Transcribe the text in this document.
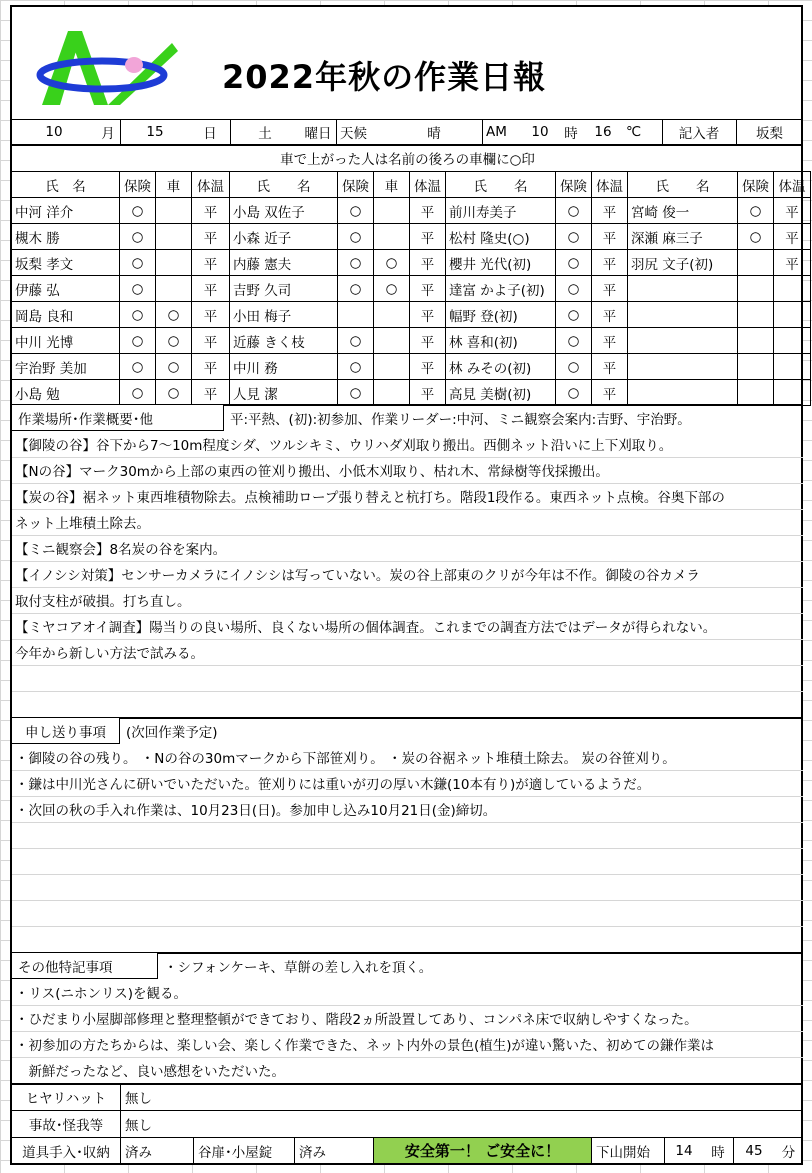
2022年秋の作業日報
10	月	15	日	土	曜日 天候	晴	AM	10	時	16	℃	記入者	坂梨
車で上がった人は名前の後ろの車欄に○印
氏　名	保険	車	体温	氏　　名	保険	車	体温	氏　　名	保険	体温	氏　　名	保険	体温
中河 洋介	○		平	小島 双佐子	○		平	前川寿美子	○	平	宮崎 俊一	○	平
槻木 勝	○		平	小森 近子	○		平	松村 隆史(○)	○	平	深瀬 麻三子	○	平
坂梨 孝文	○		平	内藤 憲夫	○	○	平	櫻井 光代(初)	○	平	羽尻 文子(初)		平
伊藤 弘	○		平	吉野 久司	○	○	平	達富 かよ子(初)	○	平			
岡島 良和	○	○	平	小田 梅子			平	幅野 登(初)	○	平			
中川 光博	○	○	平	近藤 きく枝	○		平	林 喜和(初)	○	平			
宇治野 美加	○	○	平	中川 務	○		平	林 みその(初)	○	平			
小島 勉	○	○	平	人見 潔	○		平	高見 美樹(初)	○	平			
作業場所･作業概要･他	平:平熱、(初):初参加、作業リーダー:中河、ミニ観察会案内:吉野、宇治野。
【御陵の谷】谷下から7～10m程度シダ、ツルシキミ、ウリハダ刈取り搬出。西側ネット沿いに上下刈取り。
【Nの谷】マーク30mから上部の東西の笹刈り搬出、小低木刈取り、枯れ木、常緑樹等伐採搬出。
【炭の谷】裾ネット東西堆積物除去。点検補助ロープ張り替えと杭打ち。階段1段作る。東西ネット点検。谷奥下部の
ネット上堆積土除去。
【ミニ観察会】8名炭の谷を案内。
【イノシシ対策】センサーカメラにイノシシは写っていない。炭の谷上部東のクリが今年は不作。御陵の谷カメラ
取付支柱が破損。打ち直し。
【ミヤコアオイ調査】陽当りの良い場所、良くない場所の個体調査。これまでの調査方法ではデータが得られない。
今年から新しい方法で試みる。
申し送り事項	(次回作業予定)
・御陵の谷の残り。 ・Nの谷の30mマークから下部笹刈り。 ・炭の谷裾ネット堆積土除去。 炭の谷笹刈り。
・鎌は中川光さんに研いでいただいた。笹刈りには重いが刃の厚い木鎌(10本有り)が適しているようだ。
・次回の秋の手入れ作業は、10月23日(日)。参加申し込み10月21日(金)締切。
その他特記事項	・シフォンケーキ、草餅の差し入れを頂く。
・リス(ニホンリス)を観る。
・ひだまり小屋脚部修理と整理整頓ができており、階段2ヵ所設置してあり、コンパネ床で収納しやすくなった。
・初参加の方たちからは、楽しい会、楽しく作業できた、ネット内外の景色(植生)が違い驚いた、初めての鎌作業は
　新鮮だったなど、良い感想をいただいた。
ヒヤリハット	無し
事故･怪我等	無し
道具手入･収納	済み	谷扉･小屋錠	済み	安全第一！ ご安全に！	下山開始	14	時	45	分
